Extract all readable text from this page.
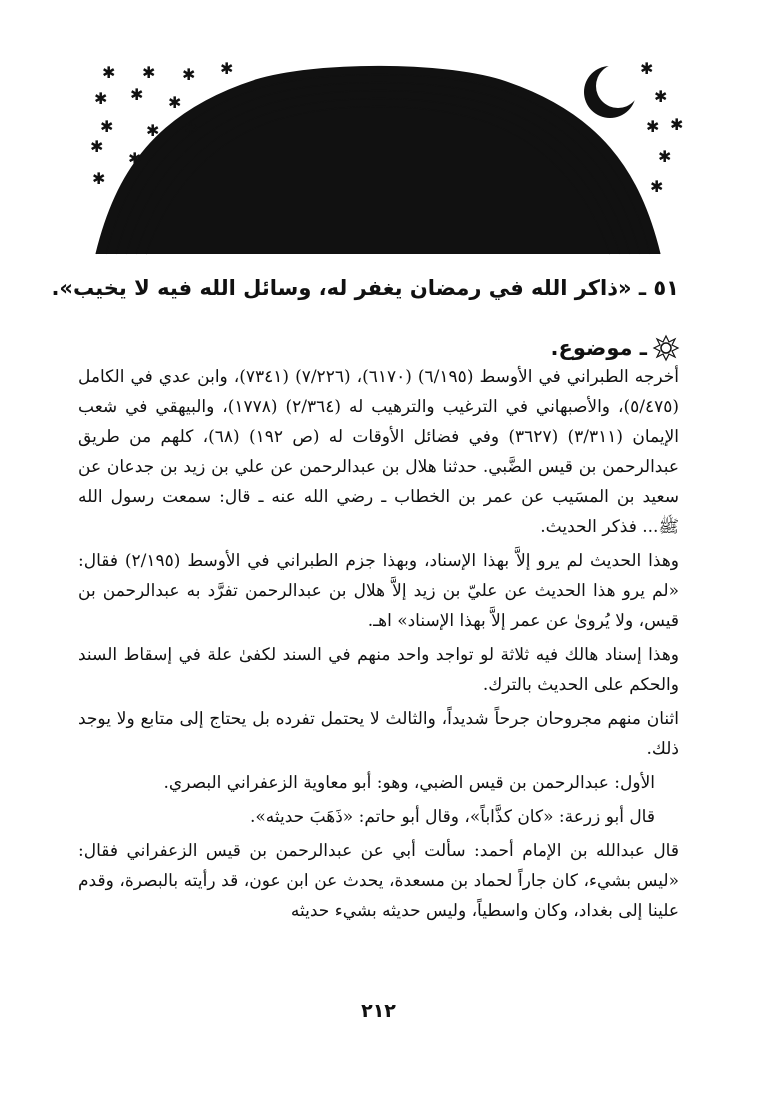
✱ ✱ ✱ ✱
✱ ✱ ✱
✱ ✱ ✱
✱
✱
✱
✱
✱
✱
✱
✱
✱
٥١ ـ «ذاكر الله في رمضان يغفر له، وسائل الله فيه لا يخيب».
ـ موضوع.

أخرجه الطبراني في الأوسط (٦/١٩٥) (٦١٧٠)، (٧/٢٢٦) (٧٣٤١)، وابن عدي في الكامل (٥/٤٧٥)، والأصبهاني في الترغيب والترهيب له (٢/٣٦٤) (١٧٧٨)، والبيهقي في شعب الإيمان (٣/٣١١) (٣٦٢٧) وفي فضائل الأوقات له (ص ١٩٢) (٦٨)، كلهم من طريق عبدالرحمن بن قيس الضَّبي. حدثنا هلال بن عبدالرحمن عن علي بن زيد بن جدعان عن سعيد بن المسَيب عن عمر بن الخطاب ـ رضي الله عنه ـ قال: سمعت رسول الله ﷺ... فذكر الحديث.

وهذا الحديث لم يرو إلاَّ بهذا الإسناد، وبهذا جزم الطبراني في الأوسط (٢/١٩٥) فقال: «لم يرو هذا الحديث عن عليّ بن زيد إلاَّ هلال بن عبدالرحمن تفرَّد به عبدالرحمن بن قيس، ولا يُروىٰ عن عمر إلاَّ بهذا الإسناد» اهـ.

وهذا إسناد هالك فيه ثلاثة لو تواجد واحد منهم في السند لكفىٰ علة في إسقاط السند والحكم على الحديث بالترك.

اثنان منهم مجروحان جرحاً شديداً، والثالث لا يحتمل تفرده بل يحتاج إلى متابع ولا يوجد ذلك.

الأول: عبدالرحمن بن قيس الضبي، وهو: أبو معاوية الزعفراني البصري.

قال أبو زرعة: «كان كذَّاباً»، وقال أبو حاتم: «ذَهَبَ حديثه».

قال عبدالله بن الإمام أحمد: سألت أبي عن عبدالرحمن بن قيس الزعفراني فقال: «ليس بشيء، كان جاراً لحماد بن مسعدة، يحدث عن ابن عون، قد رأيته بالبصرة، وقدم علينا إلى بغداد، وكان واسطياً، وليس حديثه بشيء حديثه

٢١٢
